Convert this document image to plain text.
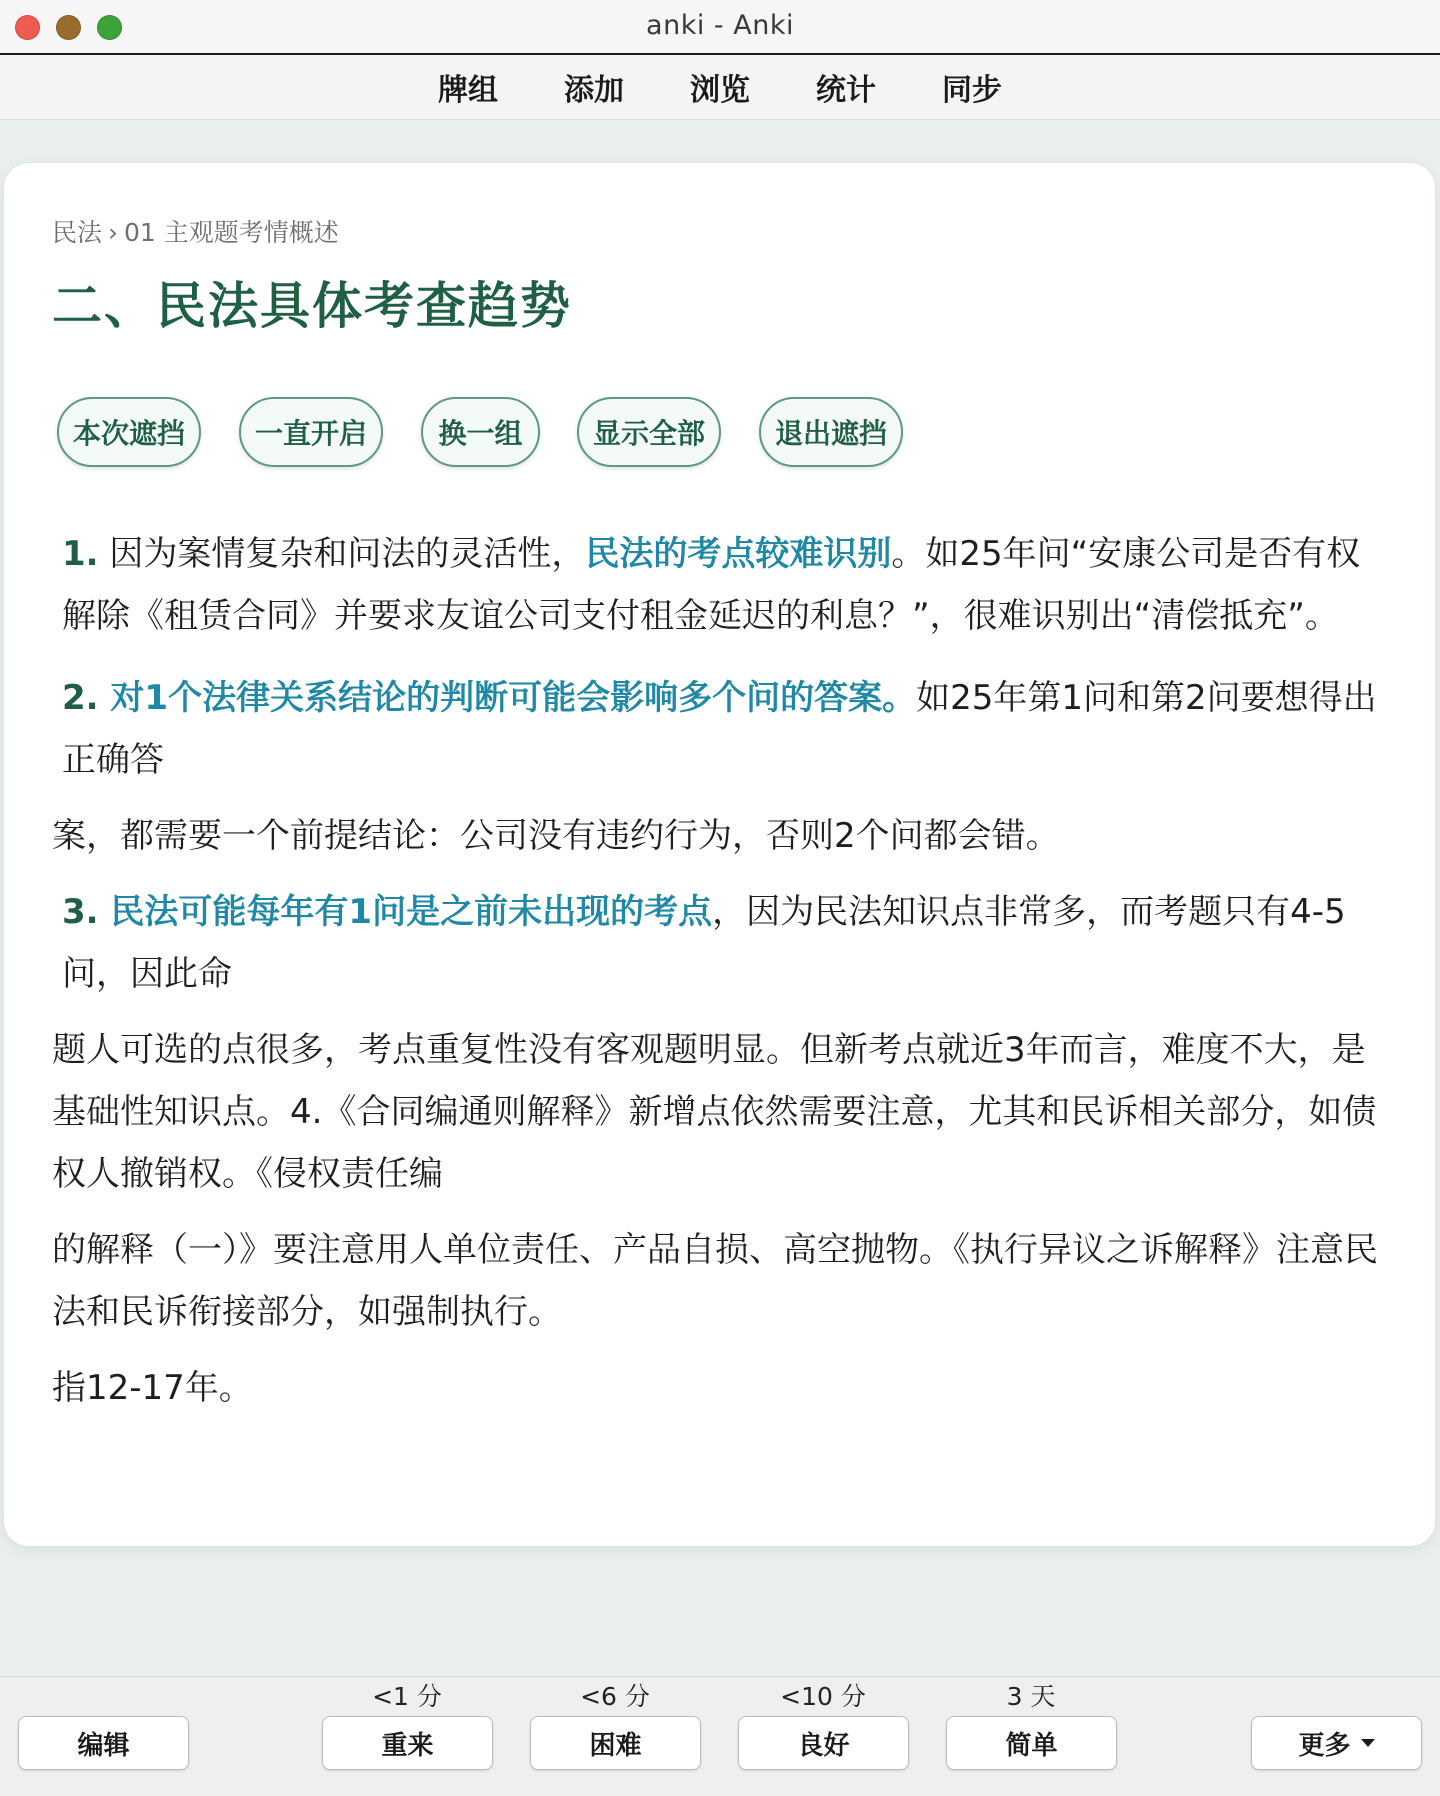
anki - Anki
牌组 添加 浏览 统计 同步
民法 › 01 主观题考情概述
二、民法具体考查趋势
本次遮挡	一直开启	换一组	显示全部	退出遮挡

1. 因为案情复杂和问法的灵活性，民法的考点较难识别。如25年问“安康公司是否有权解除《租赁合同》并要求友谊公司支付租金延迟的利息？”，很难识别出“清偿抵充”。

2. 对1个法律关系结论的判断可能会影响多个问的答案。如25年第1问和第2问要想得出正确答

案，都需要一个前提结论：公司没有违约行为，否则2个问都会错。

3. 民法可能每年有1问是之前未出现的考点，因为民法知识点非常多，而考题只有4-5问，因此命

题人可选的点很多，考点重复性没有客观题明显。但新考点就近3年而言，难度不大，是基础性知识点。4.《合同编通则解释》新增点依然需要注意，尤其和民诉相关部分，如债权人撤销权。《侵权责任编

的解释（一）》要注意用人单位责任、产品自损、高空抛物。《执行异议之诉解释》注意民法和民诉衔接部分，如强制执行。

指12-17年。

编辑
<1 分
重来
<6 分
困难
<10 分
良好
3 天
简单	更多
